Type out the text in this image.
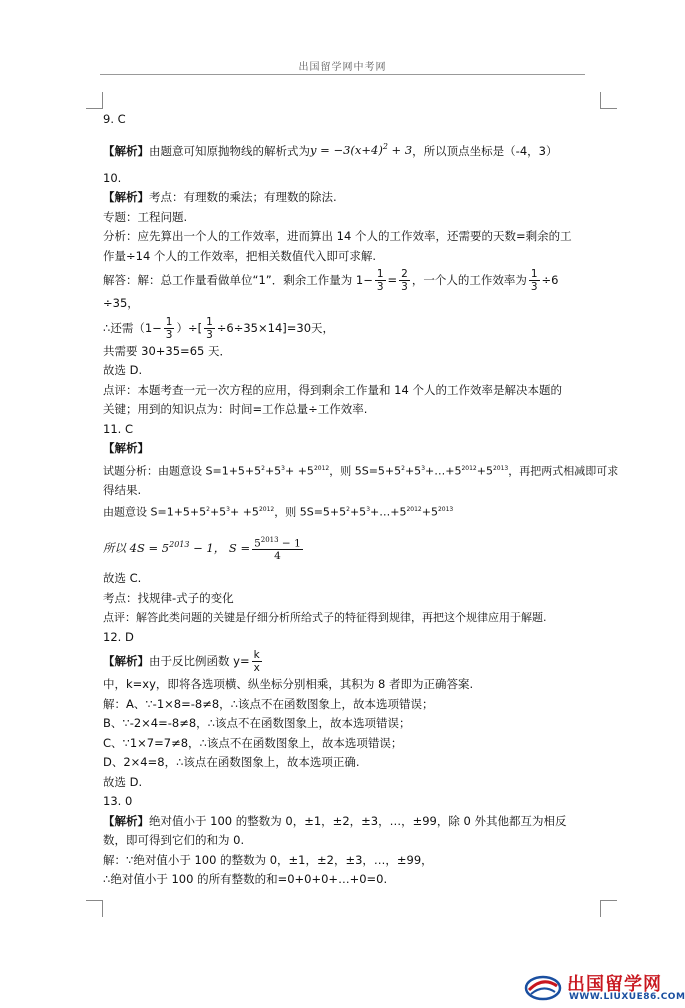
出国留学网中考网
9. C
【解析】由题意可知原抛物线的解析式为$y = -3(x+4)^2 + 3$，所以顶点坐标是（-4，3）
10.
【解析】考点：有理数的乘法；有理数的除法.
专题：工程问题.
分析：应先算出一个人的工作效率，进而算出 14 个人的工作效率，还需要的天数=剩余的工
作量÷14 个人的工作效率，把相关数值代入即可求解.
解答：解：总工作量看做单位“1”．剩余工作量为 $1- \frac{1}{3} = \frac{2}{3}$ ，一个人的工作效率为 $\frac{1}{3} \div 6$
÷35，
∴还需（$1- \frac{1}{3}$ ）÷[ $\frac{1}{3} \div 6\div 35\times 14]=30$天，
共需要 30+35=65 天．
故选 D.
点评：本题考查一元一次方程的应用，得到剩余工作量和 14 个人的工作效率是解决本题的
关键；用到的知识点为：时间=工作总量÷工作效率.
11. C
【解析】
试题分析：由题意设 $S=1+5+5^2+5^3+ +5^{2012}$，则 $5S=5+5^2+5^3+\dots+5^{2012}+5^{2013}$，再把两式相减即可求
得结果.
由题意设 $S=1+5+5^2+5^3+ +5^{2012}$，则 $5S=5+5^2+5^3+\dots+5^{2012}+5^{2013}$
所以 $4S = 5^{2013} - 1$， $S = \frac{5^{2013} - 1}{4}$
故选 C.
考点：找规律-式子的变化
点评：解答此类问题的关键是仔细分析所给式子的特征得到规律，再把这个规律应用于解题.
12. D
【解析】由于反比例函数 $y= \frac{k}{x}$
中，k=xy，即将各选项横、纵坐标分别相乘，其积为 8 者即为正确答案.
解：A、∵-1×8=-8≠8，∴该点不在函数图象上，故本选项错误；
B、∵-2×4=-8≠8，∴该点不在函数图象上，故本选项错误；
C、∵1×7=7≠8，∴该点不在函数图象上，故本选项错误；
D、2×4=8，∴该点在函数图象上，故本选项正确.
故选 D.
13. 0
【解析】绝对值小于 100 的整数为 0，±1，±2，±3，…，±99，除 0 外其他都互为相反
数，即可得到它们的和为 0.
解：∵绝对值小于 100 的整数为 0，±1，±2，±3，…，±99，
∴绝对值小于 100 的所有整数的和=0+0+0+…+0=0.
出国留学网
WWW.LIUXUE86.COM
